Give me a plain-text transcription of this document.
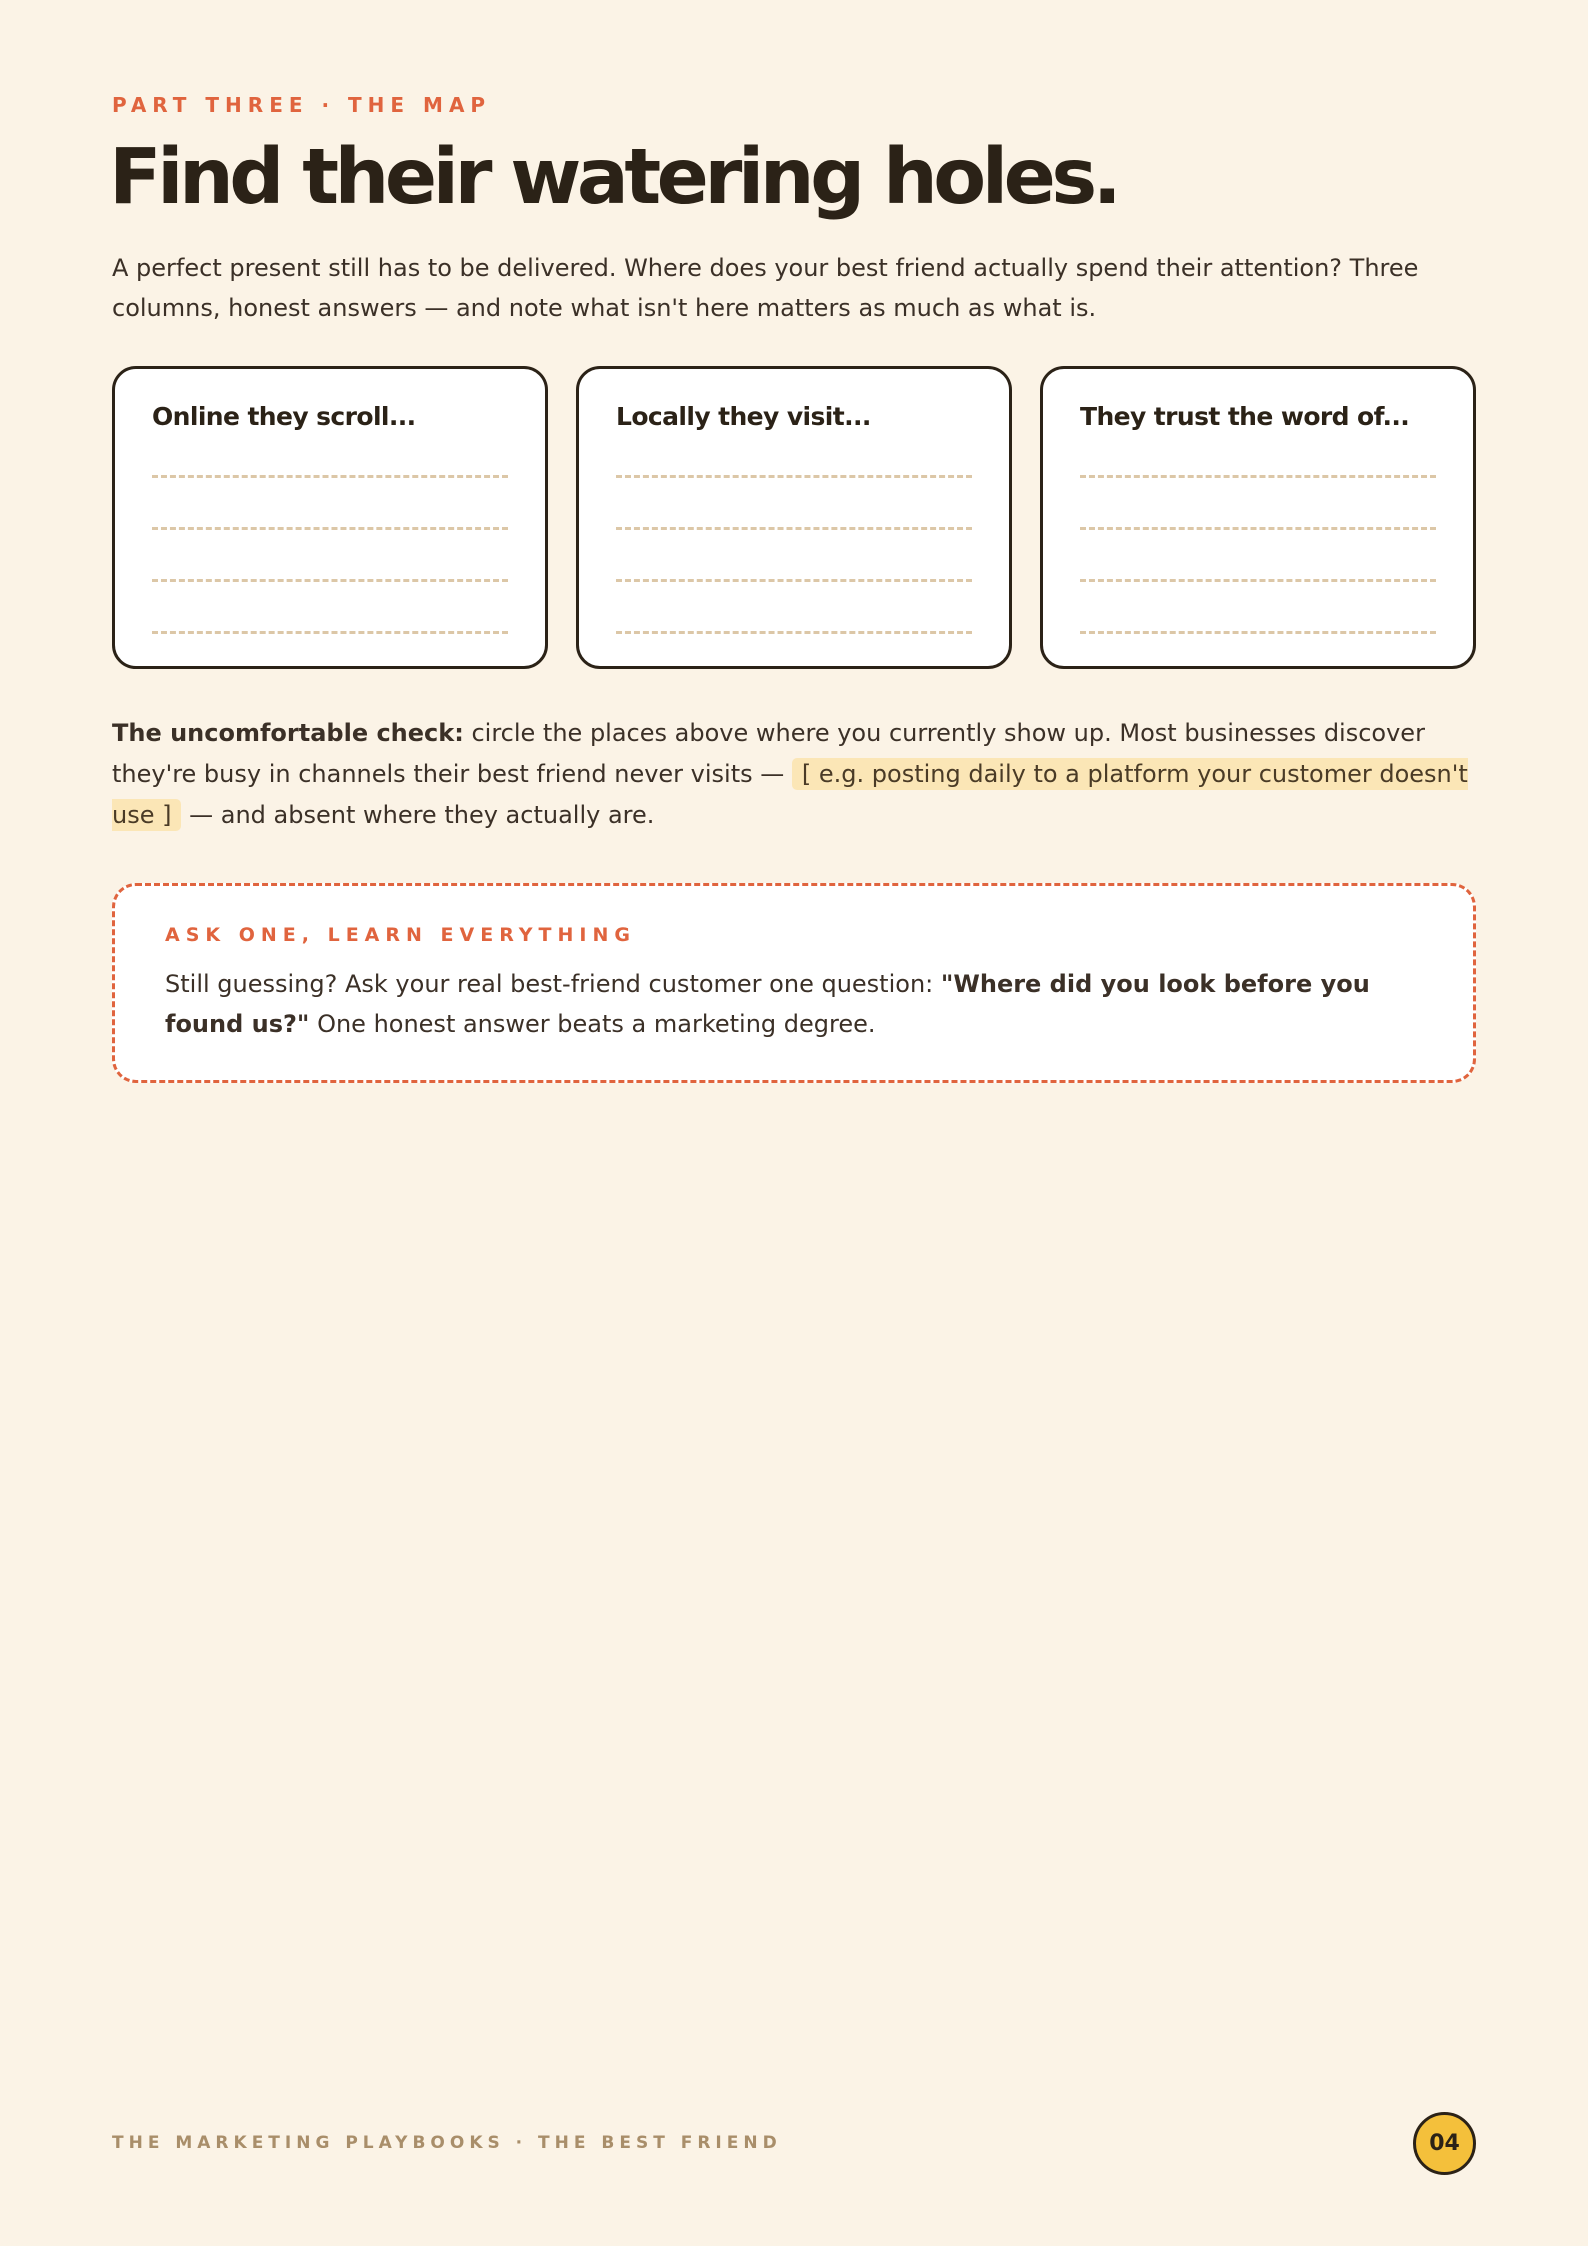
PART THREE · THE MAP
Find their watering holes.

A perfect present still has to be delivered. Where does your best friend actually spend their attention? Three columns, honest answers — and note what isn't here matters as much as what is.

Online they scroll...	Locally they visit...	They trust the word of...

The uncomfortable check: circle the places above where you currently show up. Most businesses discover they're busy in channels their best friend never visits — [ e.g. posting daily to a platform your customer doesn't use ] — and absent where they actually are.

ASK ONE, LEARN EVERYTHING

Still guessing? Ask your real best-friend customer one question: "Where did you look before you found us?" One honest answer beats a marketing degree.

THE MARKETING PLAYBOOKS · THE BEST FRIEND	04
